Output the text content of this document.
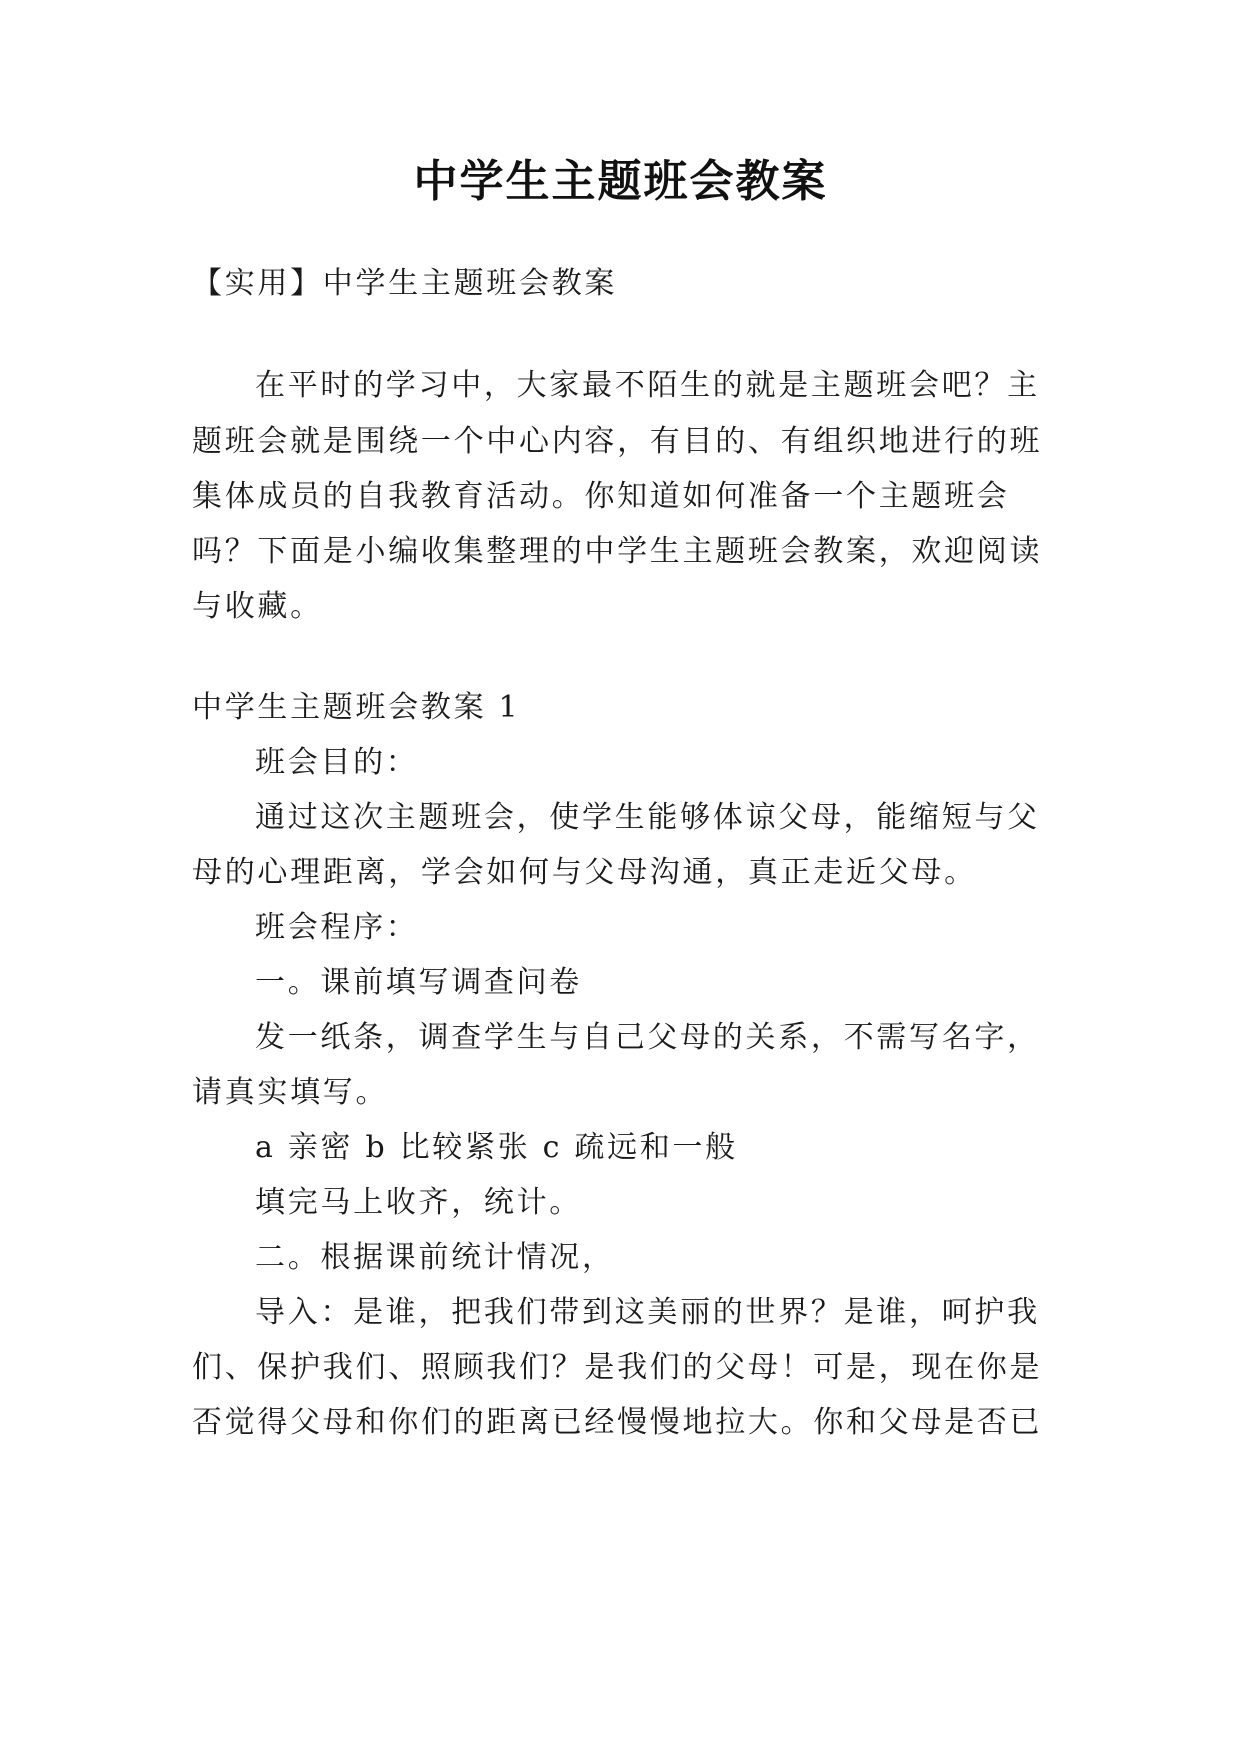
中学生主题班会教案
【实用】中学生主题班会教案
在平时的学习中，大家最不陌生的就是主题班会吧？主
题班会就是围绕一个中心内容，有目的、有组织地进行的班
集体成员的自我教育活动。你知道如何准备一个主题班会
吗？下面是小编收集整理的中学生主题班会教案，欢迎阅读
与收藏。
中学生主题班会教案 1
班会目的：
通过这次主题班会，使学生能够体谅父母，能缩短与父
母的心理距离，学会如何与父母沟通，真正走近父母。
班会程序：
一。课前填写调查问卷
发一纸条，调查学生与自己父母的关系，不需写名字，
请真实填写。
a 亲密 b 比较紧张 c 疏远和一般
填完马上收齐，统计。
二。根据课前统计情况，
导入：是谁，把我们带到这美丽的世界？是谁，呵护我
们、保护我们、照顾我们？是我们的父母！可是，现在你是
否觉得父母和你们的距离已经慢慢地拉大。你和父母是否已
